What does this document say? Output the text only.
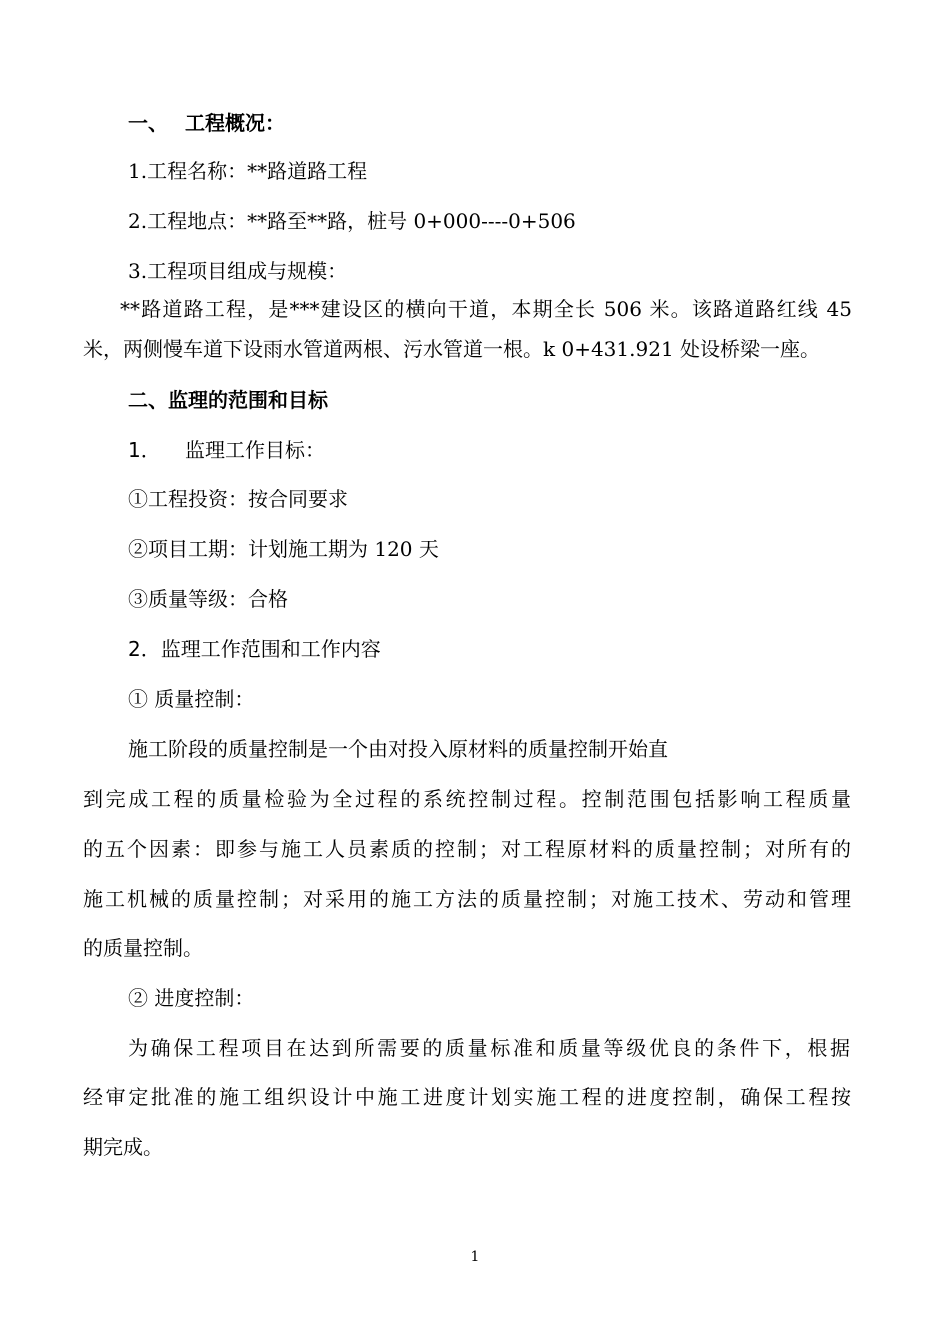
一、 工程概况：
1.工程名称：**路道路工程
2.工程地点：**路至**路，桩号 0+000----0+506
3.工程项目组成与规模：
**路道路工程，是***建设区的横向干道，本期全长 506 米。该路道路红线 45
米，两侧慢车道下设雨水管道两根、污水管道一根。k 0+431.921 处设桥梁一座。
二、监理的范围和目标
1． 监理工作目标：
①工程投资：按合同要求
②项目工期：计划施工期为 120 天
③质量等级：合格
2．监理工作范围和工作内容
① 质量控制：
施工阶段的质量控制是一个由对投入原材料的质量控制开始直
到完成工程的质量检验为全过程的系统控制过程。控制范围包括影响工程质量
的五个因素：即参与施工人员素质的控制；对工程原材料的质量控制；对所有的
施工机械的质量控制；对采用的施工方法的质量控制；对施工技术、劳动和管理
的质量控制。
② 进度控制：
为确保工程项目在达到所需要的质量标准和质量等级优良的条件下，根据
经审定批准的施工组织设计中施工进度计划实施工程的进度控制，确保工程按
期完成。
1
